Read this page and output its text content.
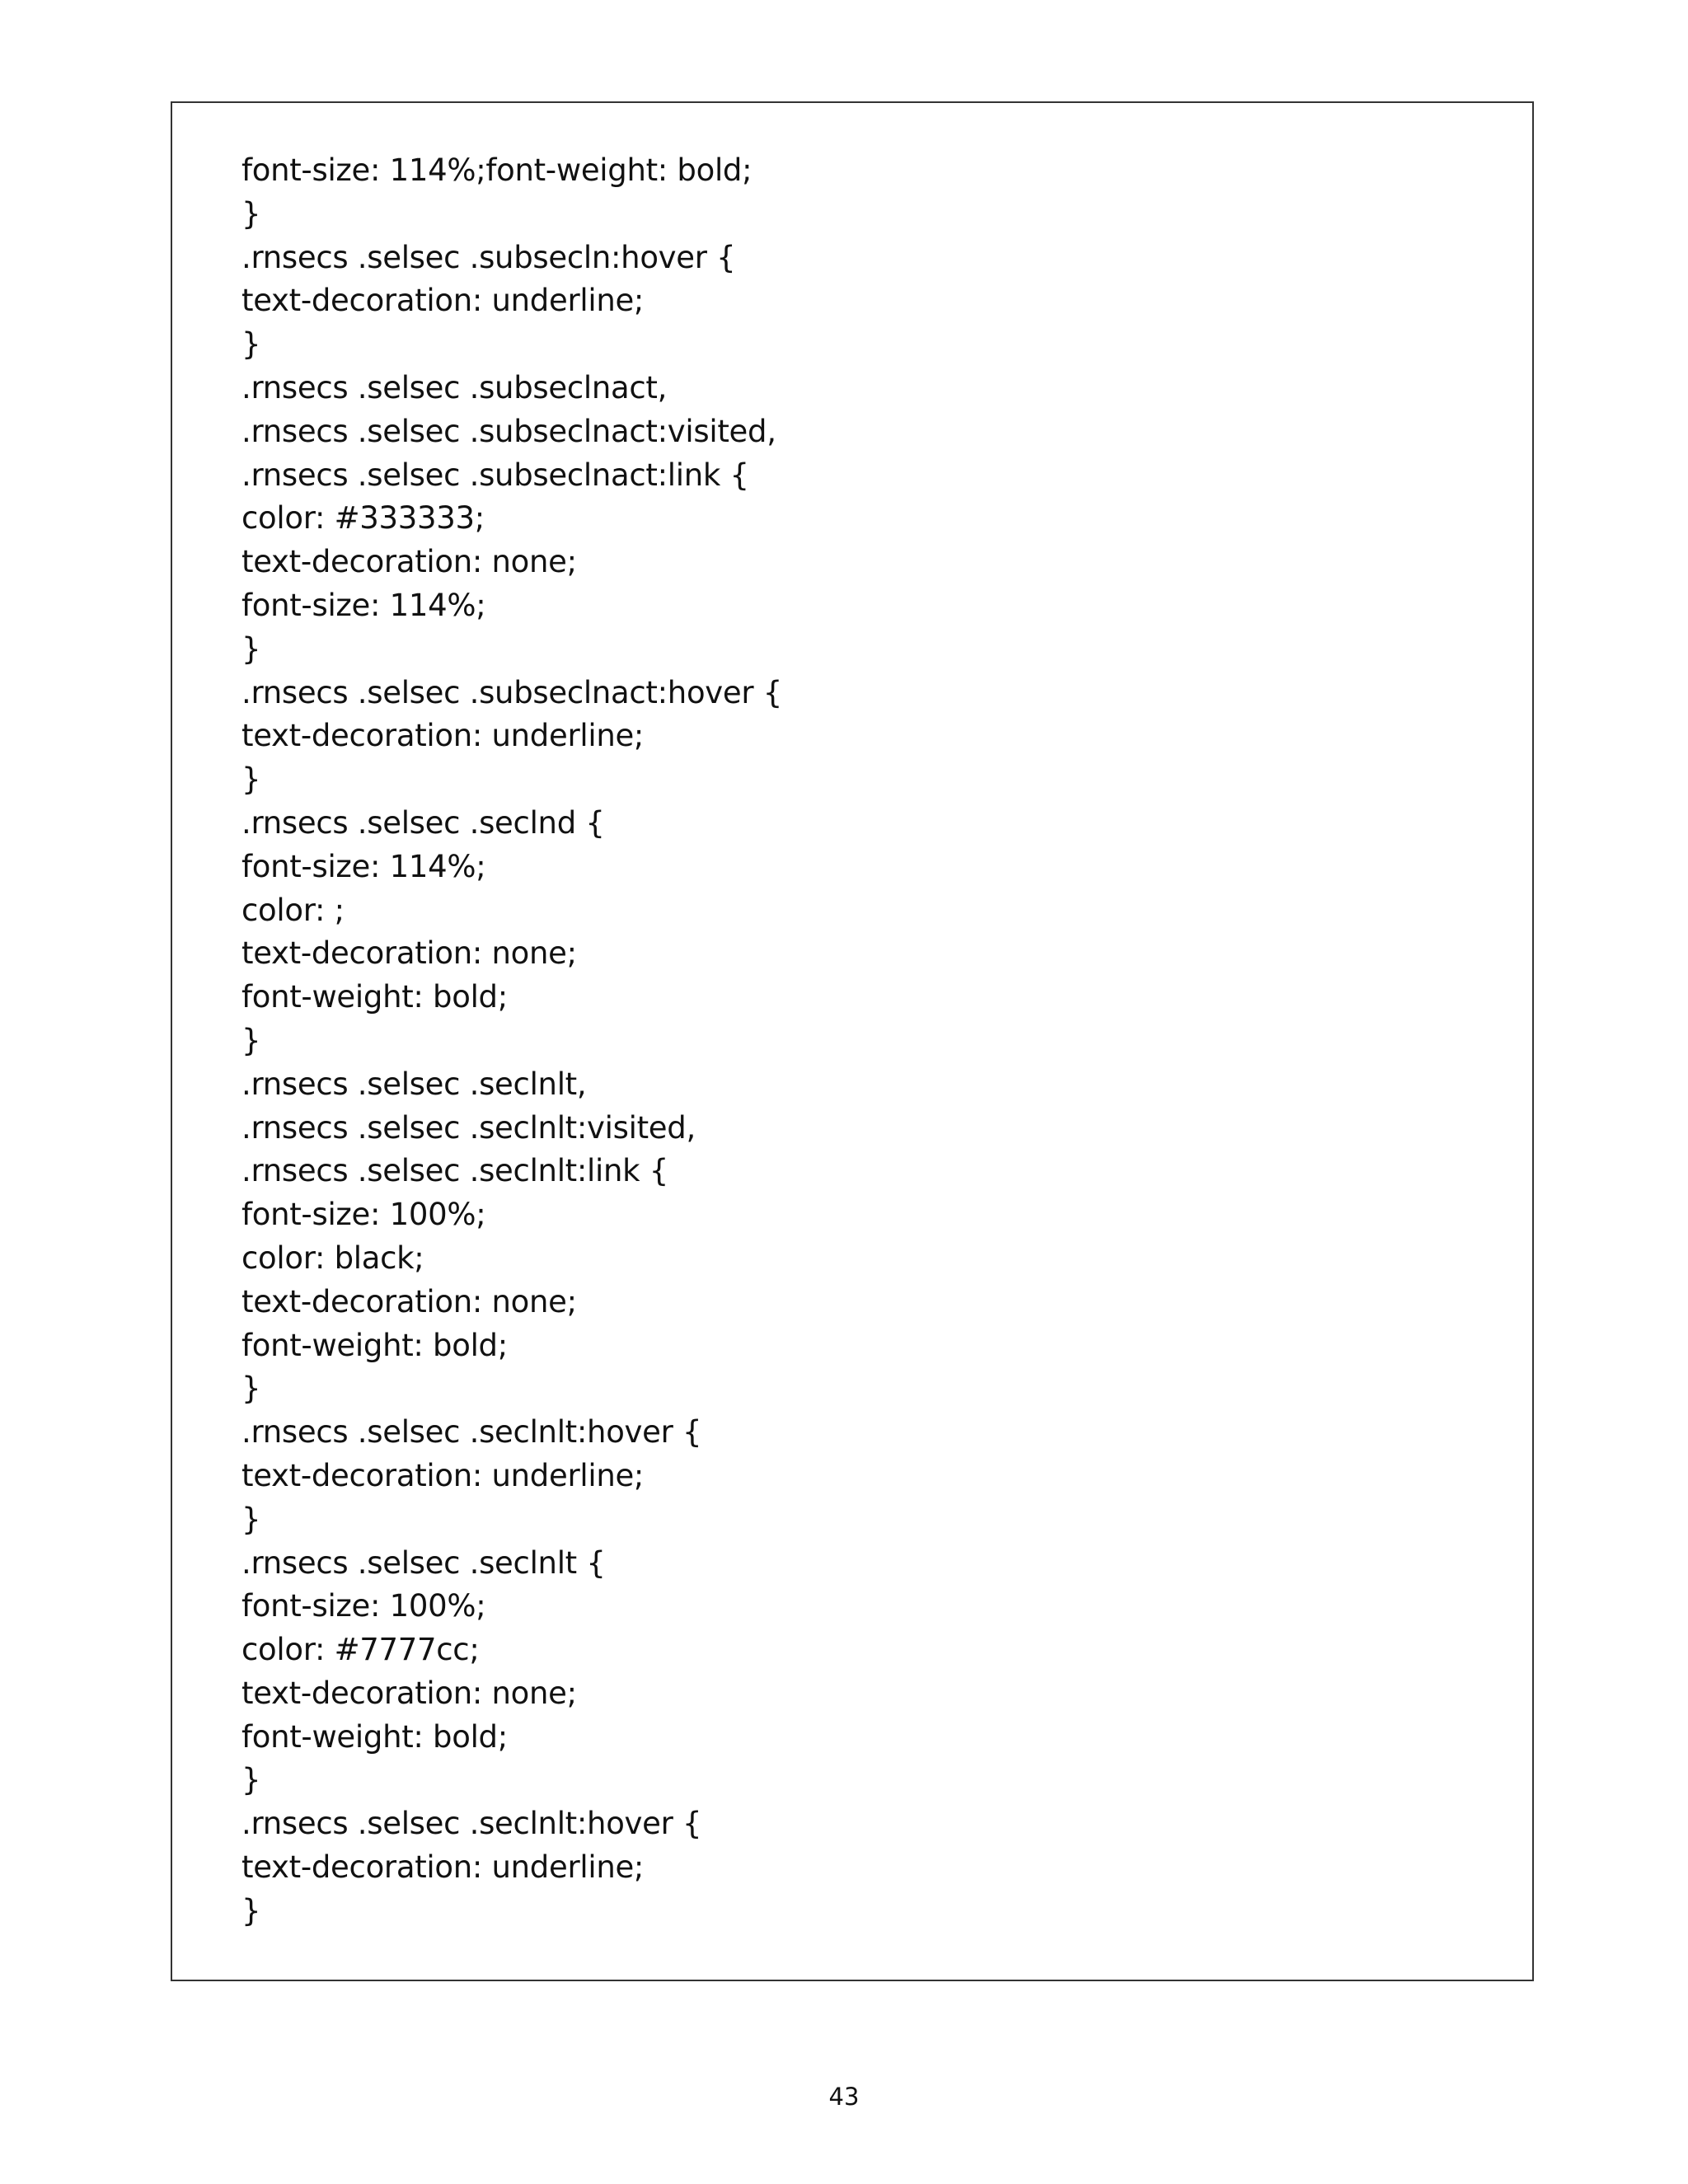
font-size: 114%;font-weight: bold;
}
.rnsecs .selsec .subsecln:hover {
text-decoration: underline;
}
.rnsecs .selsec .subseclnact,
.rnsecs .selsec .subseclnact:visited,
.rnsecs .selsec .subseclnact:link {
color: #333333;
text-decoration: none;
font-size: 114%;
}
.rnsecs .selsec .subseclnact:hover {
text-decoration: underline;
}
.rnsecs .selsec .seclnd {
font-size: 114%;
color: ;
text-decoration: none;
font-weight: bold;
}
.rnsecs .selsec .seclnlt,
.rnsecs .selsec .seclnlt:visited,
.rnsecs .selsec .seclnlt:link {
font-size: 100%;
color: black;
text-decoration: none;
font-weight: bold;
}
.rnsecs .selsec .seclnlt:hover {
text-decoration: underline;
}
.rnsecs .selsec .seclnlt {
font-size: 100%;
color: #7777cc;
text-decoration: none;
font-weight: bold;
}
.rnsecs .selsec .seclnlt:hover {
text-decoration: underline;
}
43
